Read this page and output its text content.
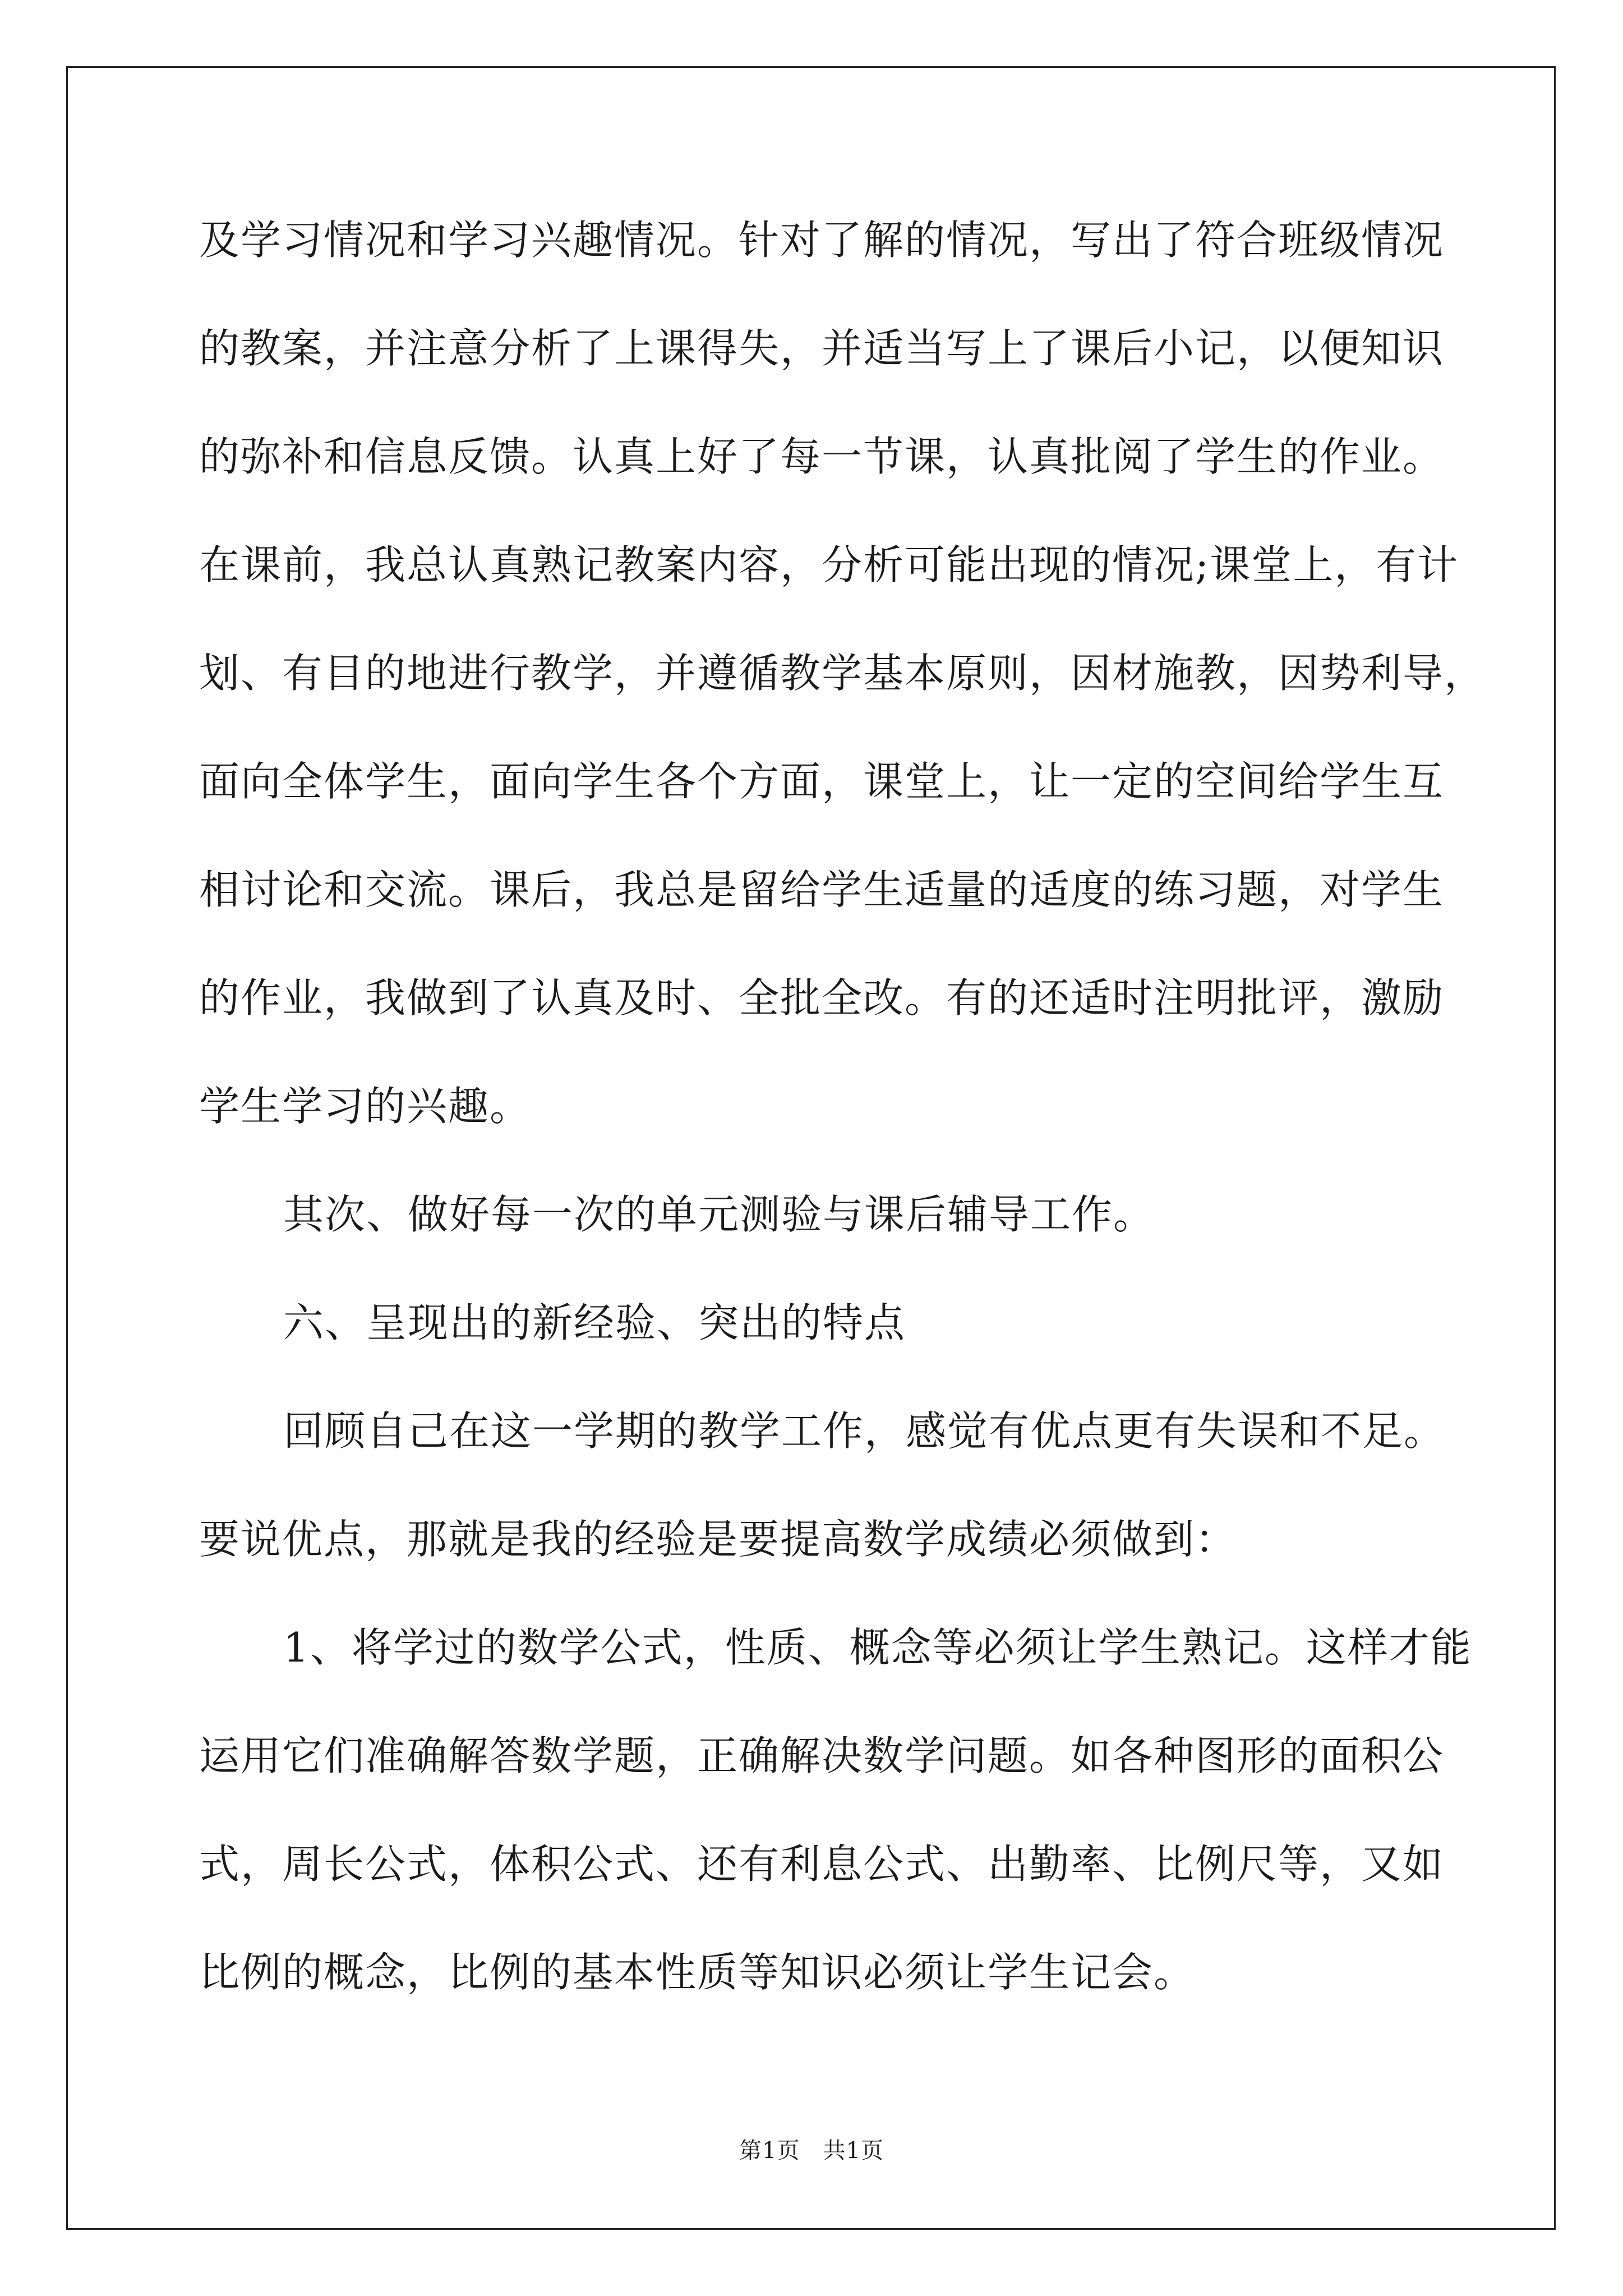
及学习情况和学习兴趣情况。针对了解的情况，写出了符合班级情况
的教案，并注意分析了上课得失，并适当写上了课后小记，以便知识
的弥补和信息反馈。认真上好了每一节课，认真批阅了学生的作业。
在课前，我总认真熟记教案内容，分析可能出现的情况;课堂上，有计
划、有目的地进行教学，并遵循教学基本原则，因材施教，因势利导，
面向全体学生，面向学生各个方面，课堂上，让一定的空间给学生互
相讨论和交流。课后，我总是留给学生适量的适度的练习题，对学生
的作业，我做到了认真及时、全批全改。有的还适时注明批评，激励
学生学习的兴趣。
其次、做好每一次的单元测验与课后辅导工作。
六、呈现出的新经验、突出的特点
回顾自己在这一学期的教学工作，感觉有优点更有失误和不足。
要说优点，那就是我的经验是要提高数学成绩必须做到：
1、将学过的数学公式，性质、概念等必须让学生熟记。这样才能
运用它们准确解答数学题，正确解决数学问题。如各种图形的面积公
式，周长公式，体积公式、还有利息公式、出勤率、比例尺等，又如
比例的概念，比例的基本性质等知识必须让学生记会。
第1页　共1页
